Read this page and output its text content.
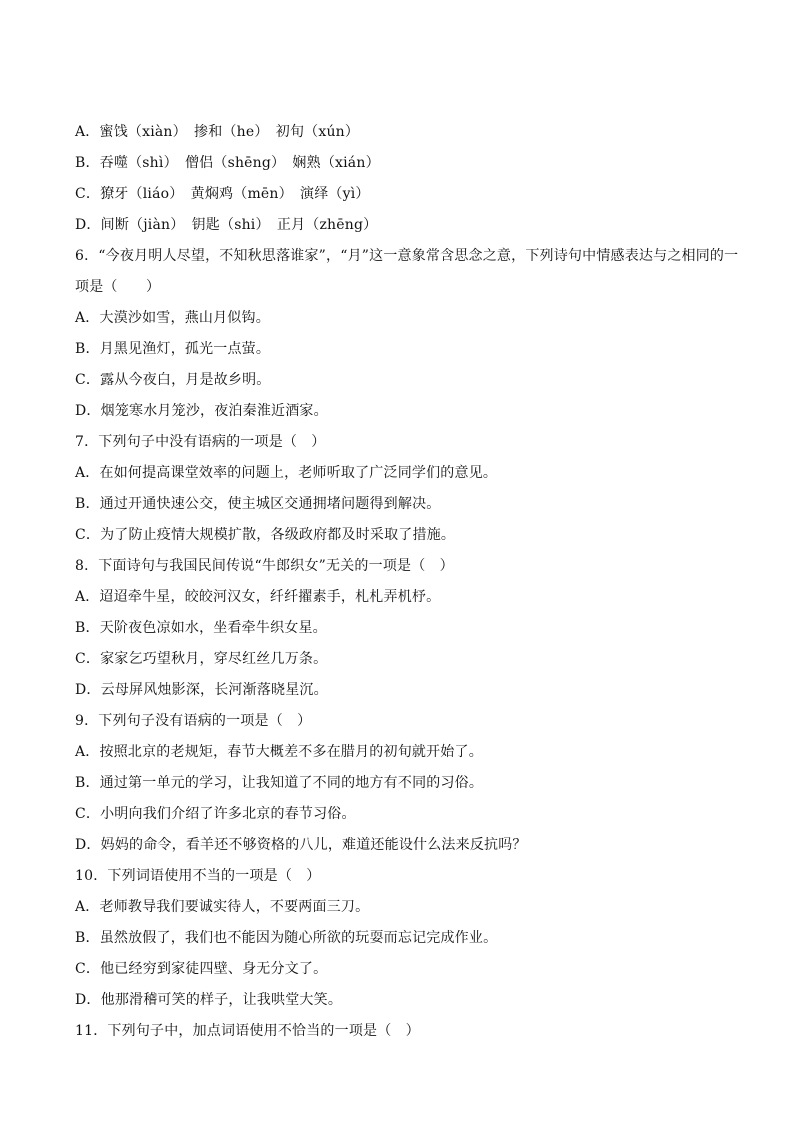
A．蜜饯（xiàn）　掺和（he）　初旬（xún）
B．吞噬（shì）　僧侣（shēng）　娴熟（xián）
C．獠牙（liáo）　黄焖鸡（mēn）　演绎（yì）
D．间断（jiàn）　钥匙（shi）　正月（zhēng）
6．“今夜月明人尽望，不知秋思落谁家”，“月”这一意象常含思念之意，下列诗句中情感表达与之相同的一
项是（　　）
A．大漠沙如雪，燕山月似钩。
B．月黑见渔灯，孤光一点萤。
C．露从今夜白，月是故乡明。
D．烟笼寒水月笼沙，夜泊秦淮近酒家。
7．下列句子中没有语病的一项是（　）
A．在如何提高课堂效率的问题上，老师听取了广泛同学们的意见。
B．通过开通快速公交，使主城区交通拥堵问题得到解决。
C．为了防止疫情大规模扩散，各级政府都及时采取了措施。
8．下面诗句与我国民间传说“牛郎织女”无关的一项是（　）
A．迢迢牵牛星，皎皎河汉女，纤纤擢素手，札札弄机杼。
B．天阶夜色凉如水，坐看牵牛织女星。
C．家家乞巧望秋月，穿尽红丝几万条。
D．云母屏风烛影深，长河渐落晓星沉。
9．下列句子没有语病的一项是（　）
A．按照北京的老规矩，春节大概差不多在腊月的初旬就开始了。
B．通过第一单元的学习，让我知道了不同的地方有不同的习俗。
C．小明向我们介绍了许多北京的春节习俗。
D．妈妈的命令，看羊还不够资格的八儿，难道还能设什么法来反抗吗？
10．下列词语使用不当的一项是（　）
A．老师教导我们要诚实待人，不要两面三刀。
B．虽然放假了，我们也不能因为随心所欲的玩耍而忘记完成作业。
C．他已经穷到家徒四壁、身无分文了。
D．他那滑稽可笑的样子，让我哄堂大笑。
11．下列句子中，加点词语使用不恰当的一项是（　）
